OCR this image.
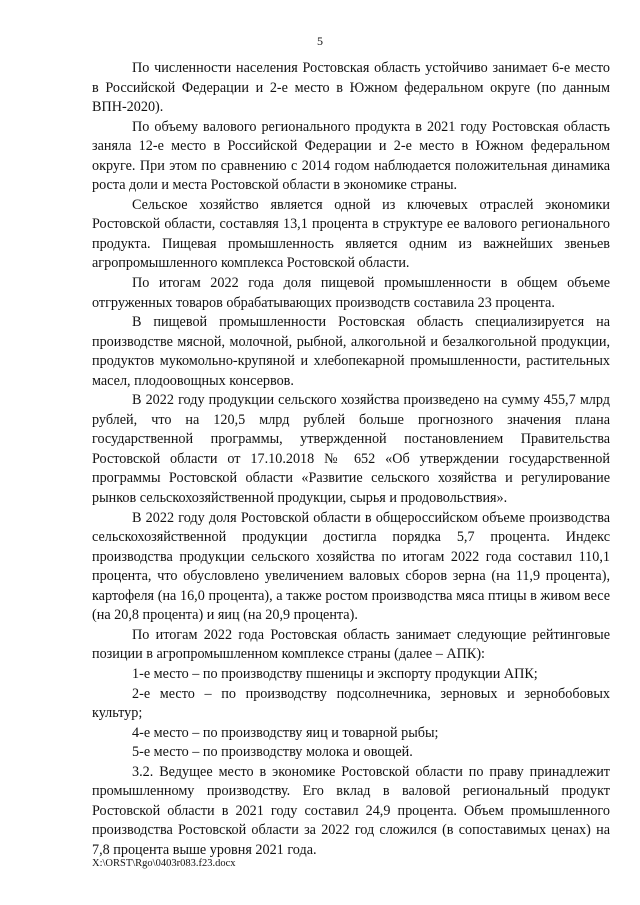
5

По численности населения Ростовская область устойчиво занимает 6-е место в Российской Федерации и 2-е место в Южном федеральном округе (по данным ВПН-2020).

По объему валового регионального продукта в 2021 году Ростовская область заняла 12-е место в Российской Федерации и 2-е место в Южном федеральном округе. При этом по сравнению с 2014 годом наблюдается положительная динамика роста доли и места Ростовской области в экономике страны.

Сельское хозяйство является одной из ключевых отраслей экономики Ростовской области, составляя 13,1 процента в структуре ее валового регионального продукта. Пищевая промышленность является одним из важнейших звеньев агропромышленного комплекса Ростовской области.

По итогам 2022 года доля пищевой промышленности в общем объеме отгруженных товаров обрабатывающих производств составила 23 процента.

В пищевой промышленности Ростовская область специализируется на производстве мясной, молочной, рыбной, алкогольной и безалкогольной продукции, продуктов мукомольно-крупяной и хлебопекарной промышленности, растительных масел, плодоовощных консервов.

В 2022 году продукции сельского хозяйства произведено на сумму 455,7 млрд рублей, что на 120,5 млрд рублей больше прогнозного значения плана государственной программы, утвержденной постановлением Правительства Ростовской области от 17.10.2018 № 652 «Об утверждении государственной программы Ростовской области «Развитие сельского хозяйства и регулирование рынков сельскохозяйственной продукции, сырья и продовольствия».

В 2022 году доля Ростовской области в общероссийском объеме производства сельскохозяйственной продукции достигла порядка 5,7 процента. Индекс производства продукции сельского хозяйства по итогам 2022 года составил 110,1 процента, что обусловлено увеличением валовых сборов зерна (на 11,9 процента), картофеля (на 16,0 процента), а также ростом производства мяса птицы в живом весе (на 20,8 процента) и яиц (на 20,9 процента).

По итогам 2022 года Ростовская область занимает следующие рейтинговые позиции в агропромышленном комплексе страны (далее – АПК):

1-е место – по производству пшеницы и экспорту продукции АПК;

2-е место – по производству подсолнечника, зерновых и зернобобовых культур;

4-е место – по производству яиц и товарной рыбы;

5-е место – по производству молока и овощей.

3.2. Ведущее место в экономике Ростовской области по праву принадлежит промышленному производству. Его вклад в валовой региональный продукт Ростовской области в 2021 году составил 24,9 процента. Объем промышленного производства Ростовской области за 2022 год сложился (в сопоставимых ценах) на 7,8 процента выше уровня 2021 года.

X:\ORST\Rgo\0403r083.f23.docx
